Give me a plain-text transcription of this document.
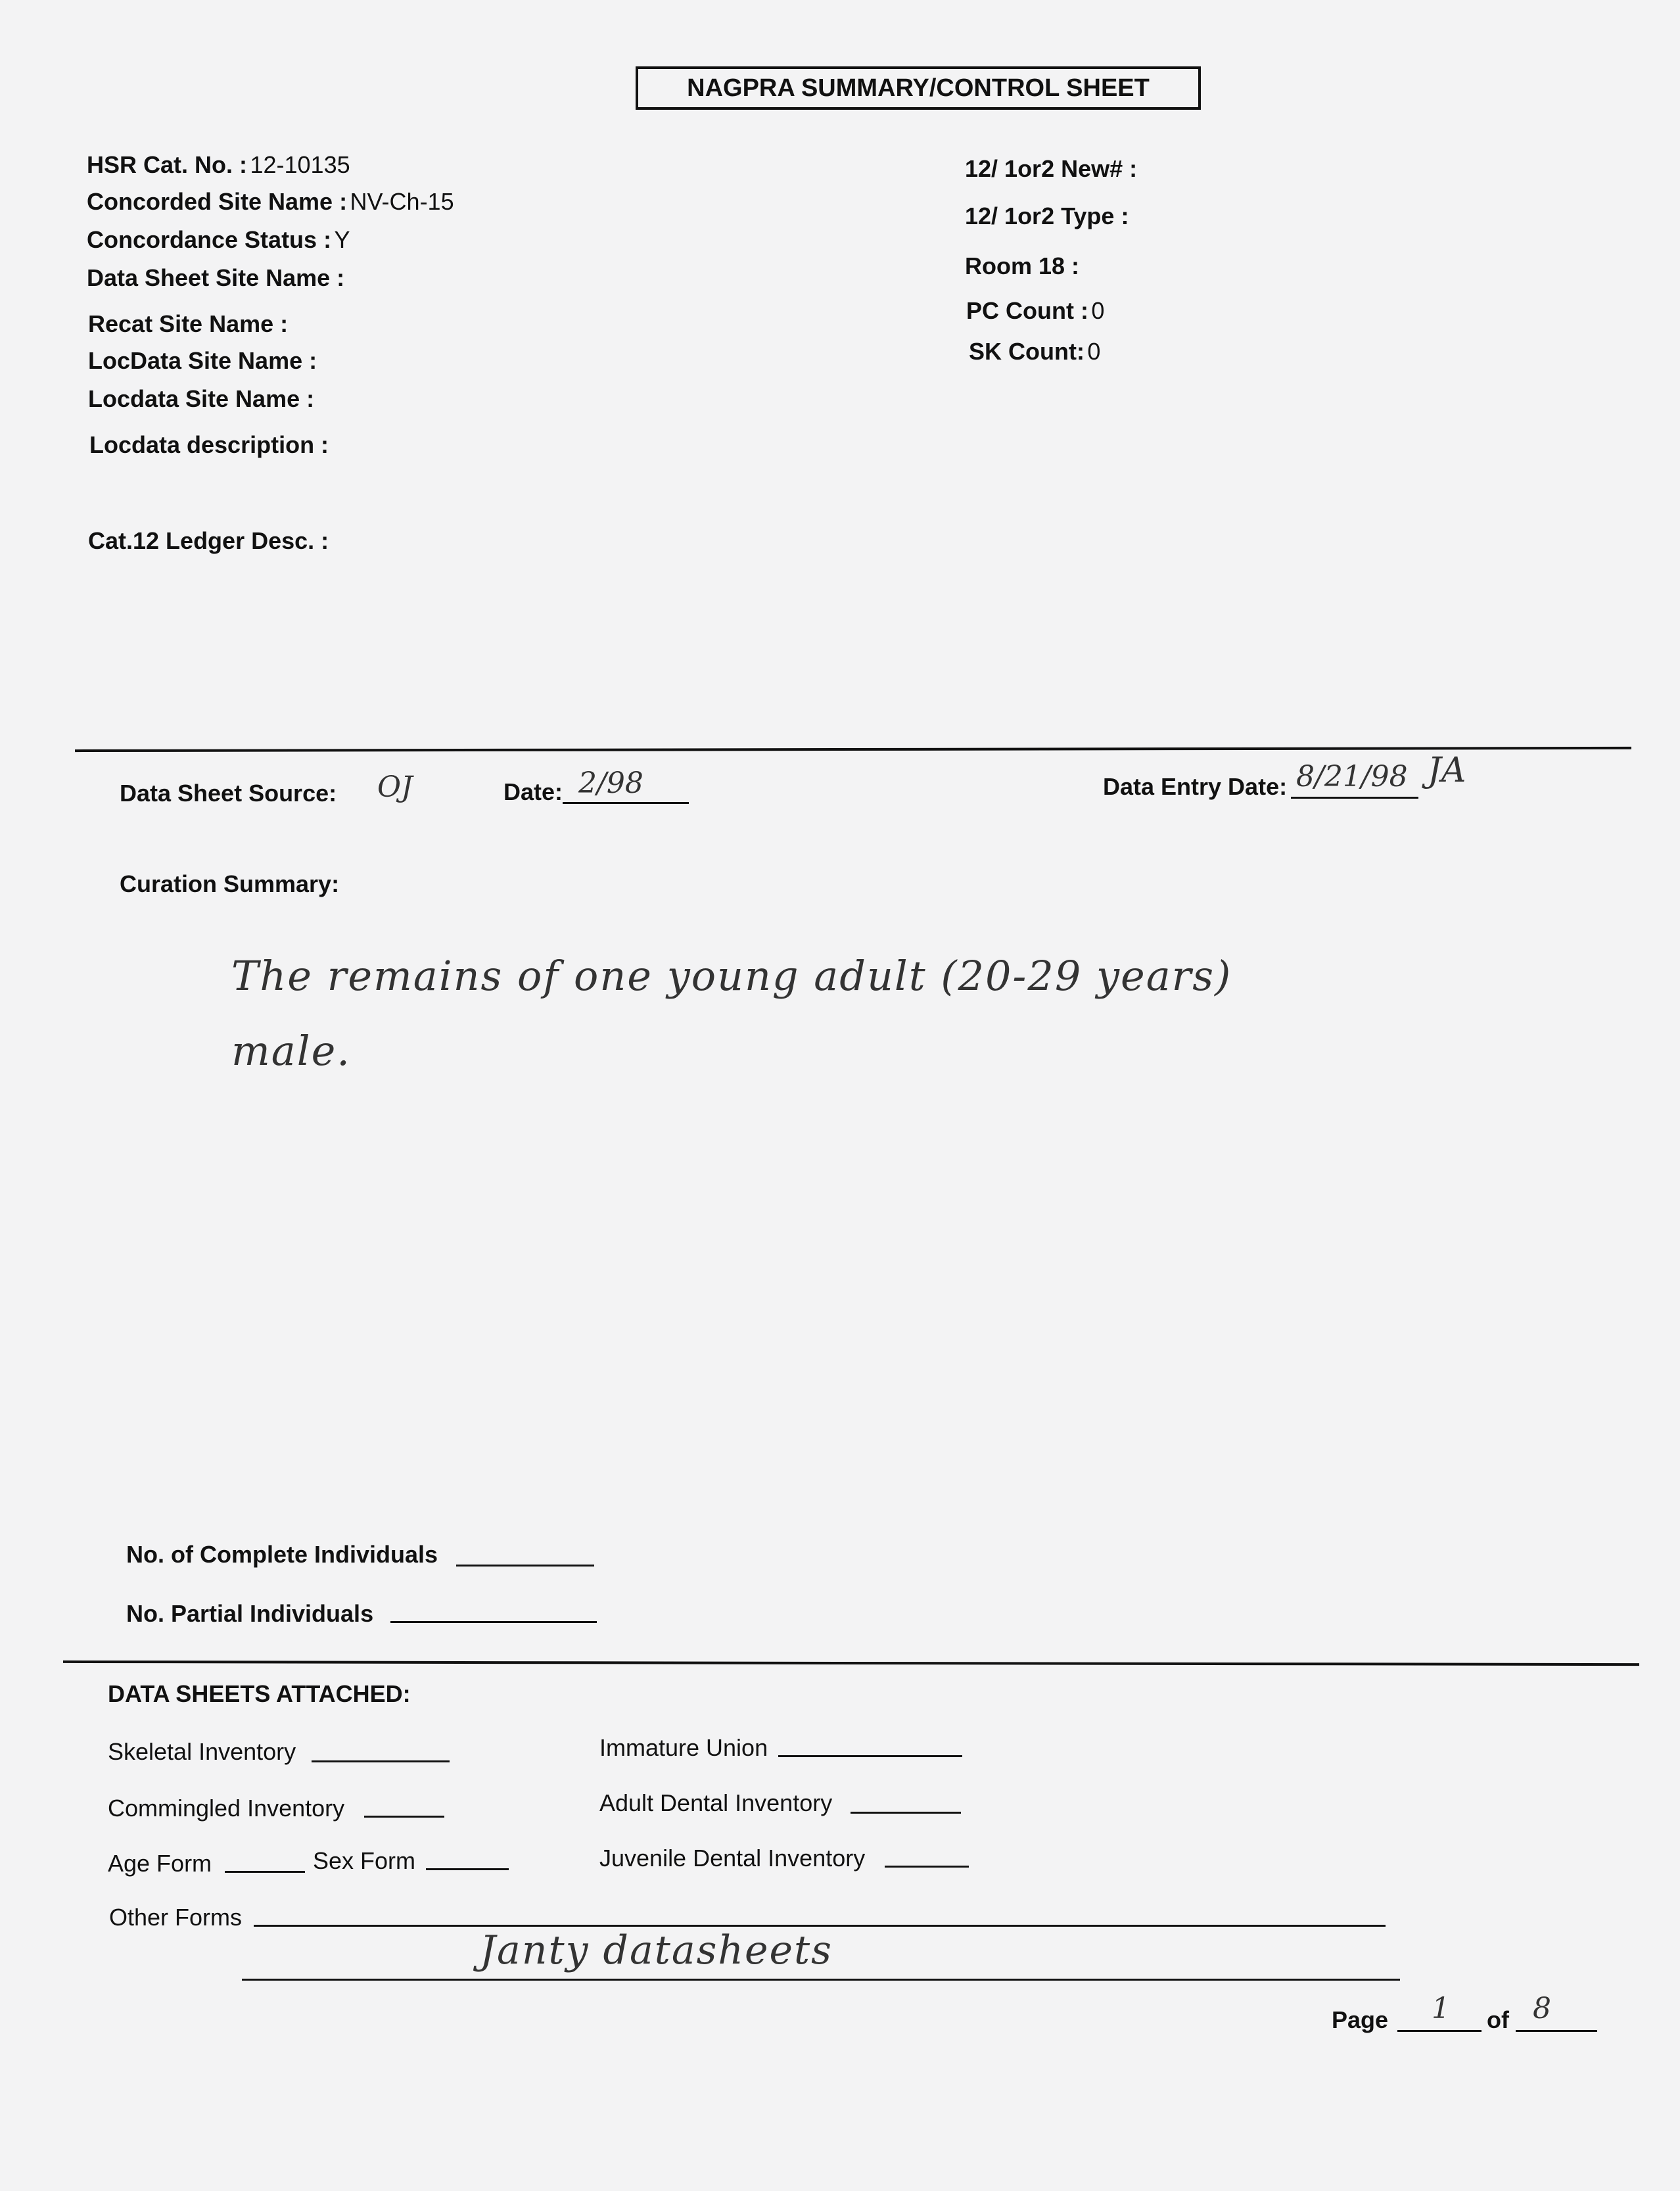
NAGPRA SUMMARY/CONTROL SHEET
HSR Cat. No. : 12-10135
Concorded Site Name : NV-Ch-15
Concordance Status : Y
Data Sheet Site Name :
Recat Site Name :
LocData Site Name :
Locdata Site Name :
Locdata description :
Cat.12 Ledger Desc. :
12/ 1or2 New# :
12/ 1or2 Type :
Room 18 :
PC Count : 0
SK Count: 0
Data Sheet Source: OJ	Date: 2/98	Data Entry Date: 8/21/98 JA
Curation Summary:
The remains of one young adult (20-29 years)
male.
No. of Complete Individuals
No. Partial Individuals
DATA SHEETS ATTACHED:
Skeletal Inventory	Immature Union
Commingled Inventory	Adult Dental Inventory
Age Form	Sex Form	Juvenile Dental Inventory
Other Forms
Janty datasheets
Page 1 of 8
